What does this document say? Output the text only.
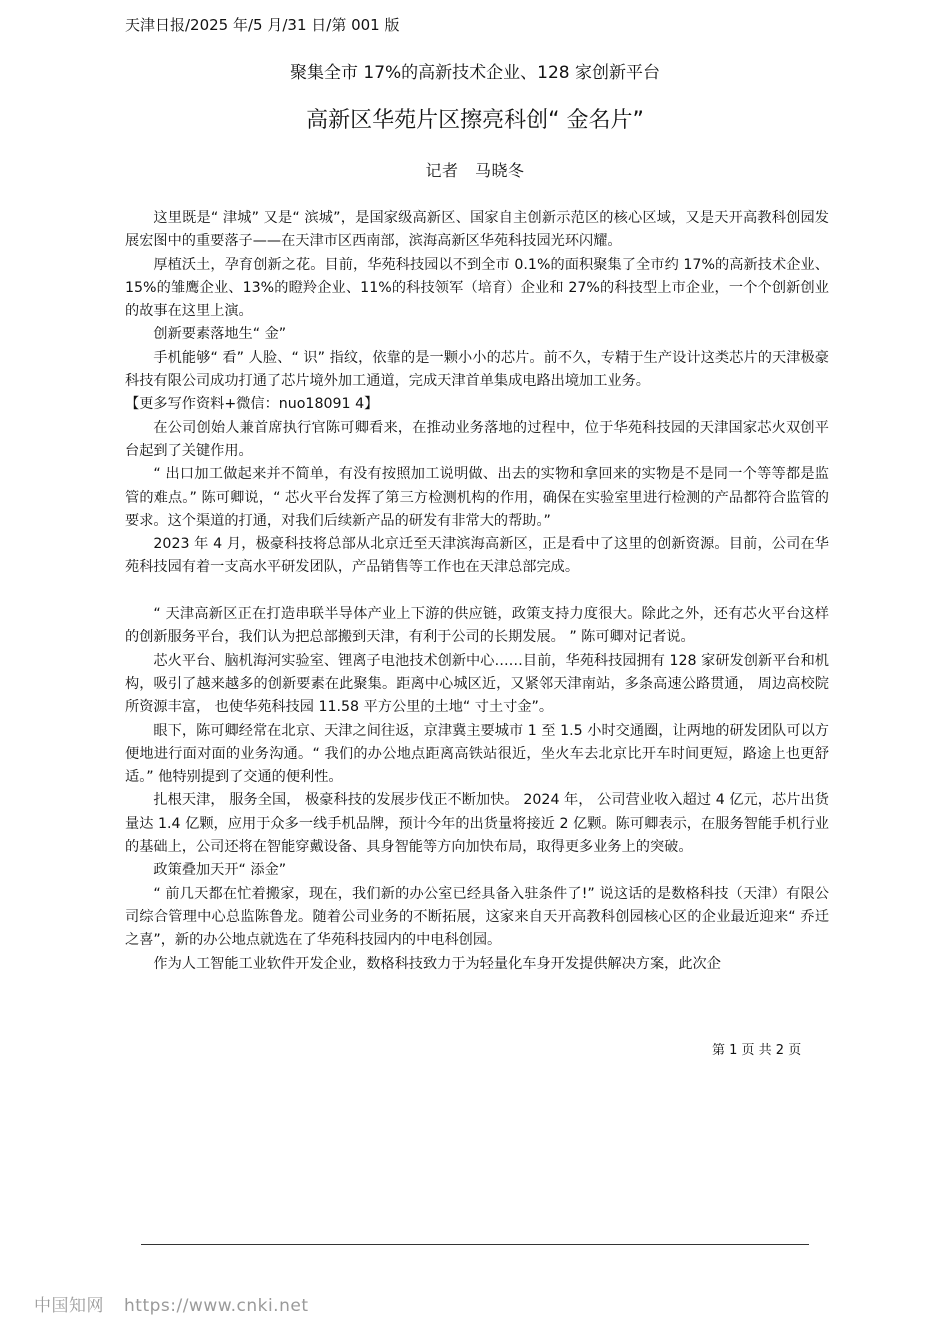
天津日报/2025 年/5 月/31 日/第 001 版
聚集全市 17%的高新技术企业、128 家创新平台
高新区华苑片区擦亮科创“ 金名片”
记者　马晓冬

这里既是“ 津城” 又是“ 滨城”，是国家级高新区、国家自主创新示范区的核心区域，又是天开高教科创园发展宏图中的重要落子——在天津市区西南部，滨海高新区华苑科技园光环闪耀。

厚植沃土，孕育创新之花。目前，华苑科技园以不到全市 0.1%的面积聚集了全市约 17%的高新技术企业、15%的雏鹰企业、13%的瞪羚企业、11%的科技领军（培育）企业和 27%的科技型上市企业，一个个创新创业的故事在这里上演。

创新要素落地生“ 金”

手机能够“ 看” 人脸、“ 识” 指纹，依靠的是一颗小小的芯片。前不久，专精于生产设计这类芯片的天津极豪科技有限公司成功打通了芯片境外加工通道，完成天津首单集成电路出境加工业务。

【更多写作资料+微信：nuo18091 4】

在公司创始人兼首席执行官陈可卿看来，在推动业务落地的过程中，位于华苑科技园的天津国家芯火双创平台起到了关键作用。

“ 出口加工做起来并不简单，有没有按照加工说明做、出去的实物和拿回来的实物是不是同一个等等都是监管的难点。” 陈可卿说，“ 芯火平台发挥了第三方检测机构的作用，确保在实验室里进行检测的产品都符合监管的要求。这个渠道的打通，对我们后续新产品的研发有非常大的帮助。”

2023 年 4 月，极豪科技将总部从北京迁至天津滨海高新区，正是看中了这里的创新资源。目前，公司在华苑科技园有着一支高水平研发团队，产品销售等工作也在天津总部完成。

“ 天津高新区正在打造串联半导体产业上下游的供应链，政策支持力度很大。除此之外，还有芯火平台这样的创新服务平台，我们认为把总部搬到天津，有利于公司的长期发展。 ” 陈可卿对记者说。

芯火平台、脑机海河实验室、锂离子电池技术创新中心……目前，华苑科技园拥有 128 家研发创新平台和机构，吸引了越来越多的创新要素在此聚集。距离中心城区近，又紧邻天津南站，多条高速公路贯通， 周边高校院所资源丰富， 也使华苑科技园 11.58 平方公里的土地“ 寸土寸金”。

眼下，陈可卿经常在北京、天津之间往返，京津冀主要城市 1 至 1.5 小时交通圈，让两地的研发团队可以方便地进行面对面的业务沟通。“ 我们的办公地点距离高铁站很近，坐火车去北京比开车时间更短，路途上也更舒适。” 他特别提到了交通的便利性。

扎根天津， 服务全国， 极豪科技的发展步伐正不断加快。 2024 年， 公司营业收入超过 4 亿元，芯片出货量达 1.4 亿颗，应用于众多一线手机品牌，预计今年的出货量将接近 2 亿颗。陈可卿表示，在服务智能手机行业的基础上，公司还将在智能穿戴设备、具身智能等方向加快布局，取得更多业务上的突破。

政策叠加天开“ 添金”

“ 前几天都在忙着搬家，现在，我们新的办公室已经具备入驻条件了!” 说这话的是数格科技（天津）有限公司综合管理中心总监陈鲁龙。随着公司业务的不断拓展，这家来自天开高教科创园核心区的企业最近迎来“ 乔迁之喜”，新的办公地点就选在了华苑科技园内的中电科创园。

作为人工智能工业软件开发企业，数格科技致力于为轻量化车身开发提供解决方案，此次企

第 1 页 共 2 页
中国知网 https://www.cnki.net
